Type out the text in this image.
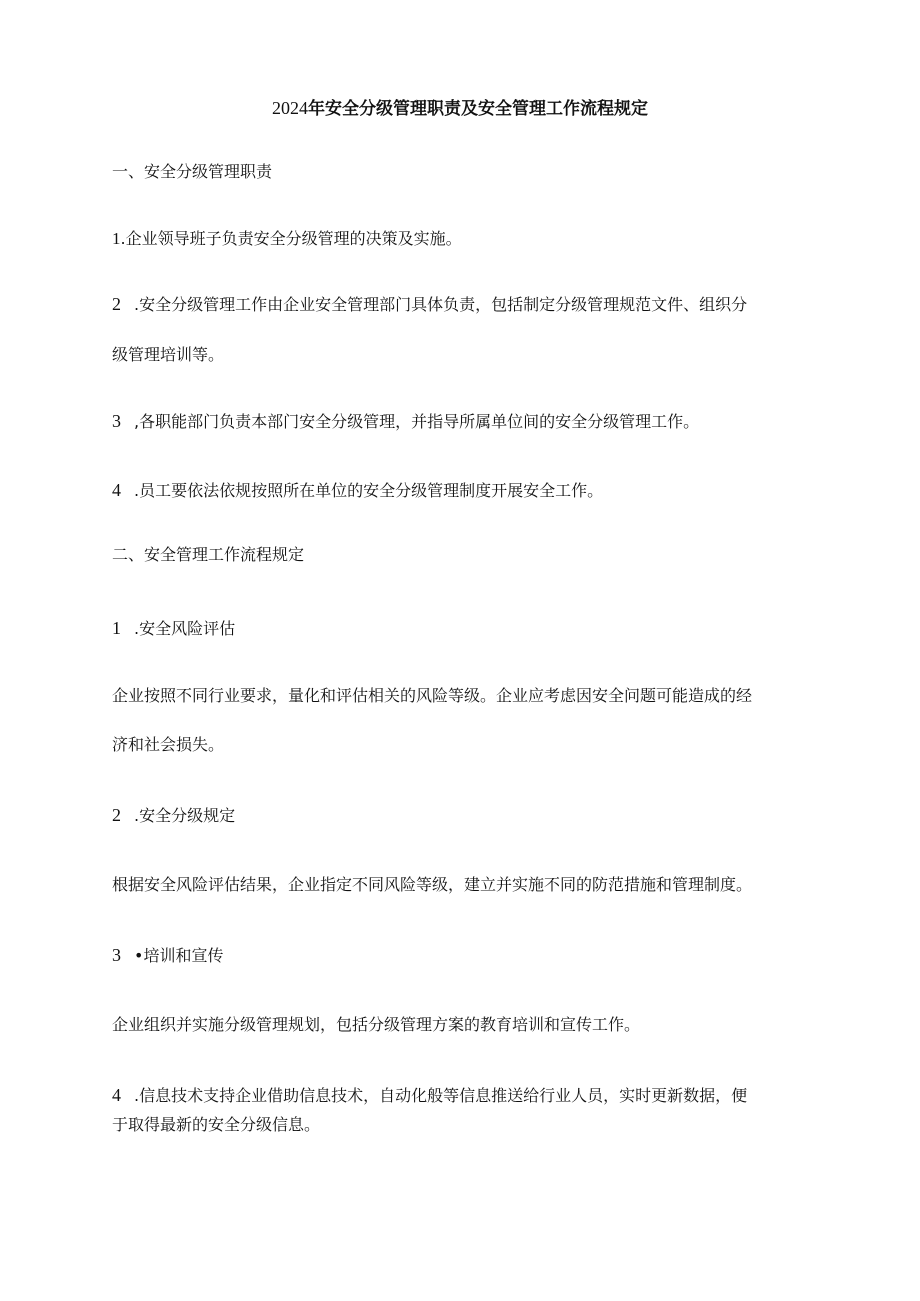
2024年安全分级管理职责及安全管理工作流程规定
一、安全分级管理职责
1.企业领导班子负责安全分级管理的决策及实施。
2 .安全分级管理工作由企业安全管理部门具体负责，包括制定分级管理规范文件、组织分
级管理培训等。
3 ,各职能部门负责本部门安全分级管理，并指导所属单位间的安全分级管理工作。
4 .员工要依法依规按照所在单位的安全分级管理制度开展安全工作。
二、安全管理工作流程规定
1 .安全风险评估
企业按照不同行业要求，量化和评估相关的风险等级。企业应考虑因安全问题可能造成的经
济和社会损失。
2 .安全分级规定
根据安全风险评估结果，企业指定不同风险等级，建立并实施不同的防范措施和管理制度。
3 •培训和宣传
企业组织并实施分级管理规划，包括分级管理方案的教育培训和宣传工作。
4 .信息技术支持企业借助信息技术，自动化般等信息推送给行业人员，实时更新数据，便
于取得最新的安全分级信息。
